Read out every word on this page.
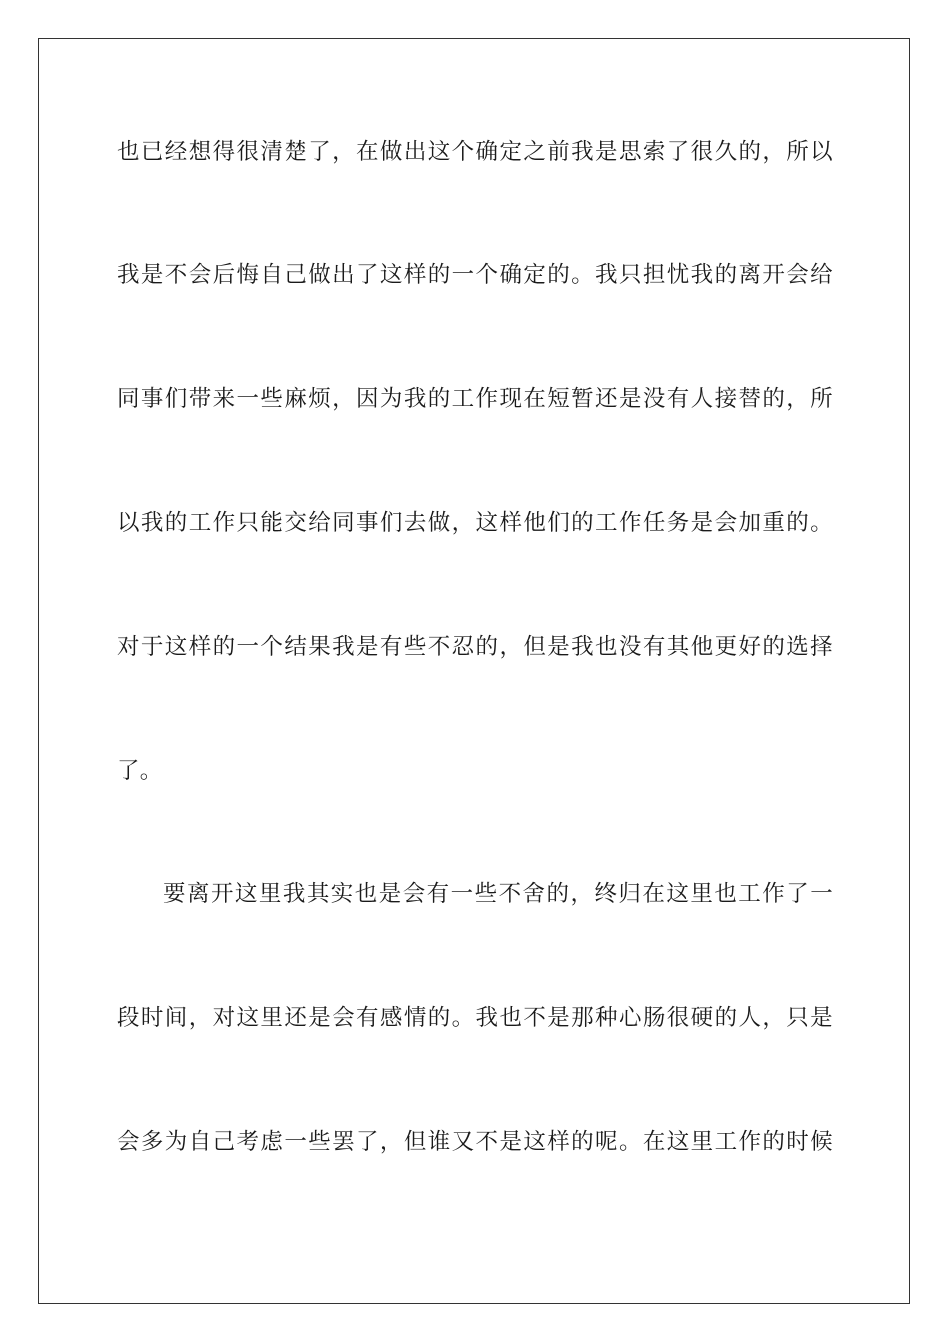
也已经想得很清楚了，在做出这个确定之前我是思索了很久的，所以
我是不会后悔自己做出了这样的一个确定的。我只担忧我的离开会给
同事们带来一些麻烦，因为我的工作现在短暂还是没有人接替的，所
以我的工作只能交给同事们去做，这样他们的工作任务是会加重的。
对于这样的一个结果我是有些不忍的，但是我也没有其他更好的选择
了。
要离开这里我其实也是会有一些不舍的，终归在这里也工作了一
段时间，对这里还是会有感情的。我也不是那种心肠很硬的人，只是
会多为自己考虑一些罢了，但谁又不是这样的呢。在这里工作的时候
